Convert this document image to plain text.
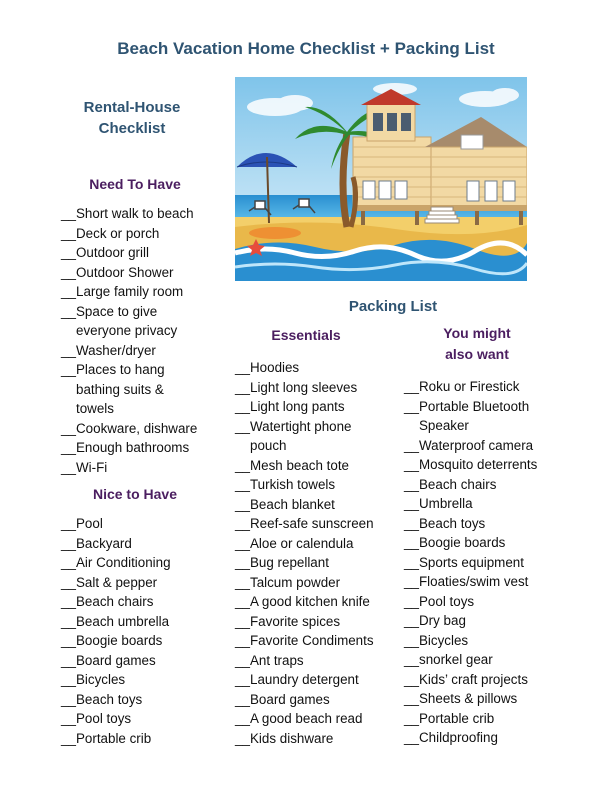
Beach Vacation Home Checklist + Packing List
Rental-House
Checklist
Need To Have
__ Short walk to beach
__ Deck or porch
__ Outdoor grill
__ Outdoor Shower
__ Large family room
__ Space to give
everyone privacy
__ Washer/dryer
__ Places to hang
bathing suits &
towels
__ Cookware, dishware
__ Enough bathrooms
__ Wi-Fi
Nice to Have
__ Pool
__ Backyard
__ Air Conditioning
__ Salt & pepper
__ Beach chairs
__ Beach umbrella
__ Boogie boards
__ Board games
__ Bicycles
__ Beach toys
__ Pool toys
__ Portable crib
Packing List
Essentials	You might
also want
__ Hoodies
__ Light long sleeves
__ Light long pants
__ Watertight phone
pouch
__ Mesh beach tote
__ Turkish towels
__ Beach blanket
__ Reef-safe sunscreen
__ Aloe or calendula
__ Bug repellant
__ Talcum powder
__ A good kitchen knife
__ Favorite spices
__ Favorite Condiments
__ Ant traps
__ Laundry detergent
__ Board games
__ A good beach read
__ Kids dishware
__ Roku or Firestick
__ Portable Bluetooth
Speaker
__ Waterproof camera
__ Mosquito deterrents
__ Beach chairs
__ Umbrella
__ Beach toys
__ Boogie boards
__ Sports equipment
__ Floaties/swim vest
__ Pool toys
__ Dry bag
__ Bicycles
__ snorkel gear
__ Kids’ craft projects
__ Sheets & pillows
__ Portable crib
__ Childproofing
